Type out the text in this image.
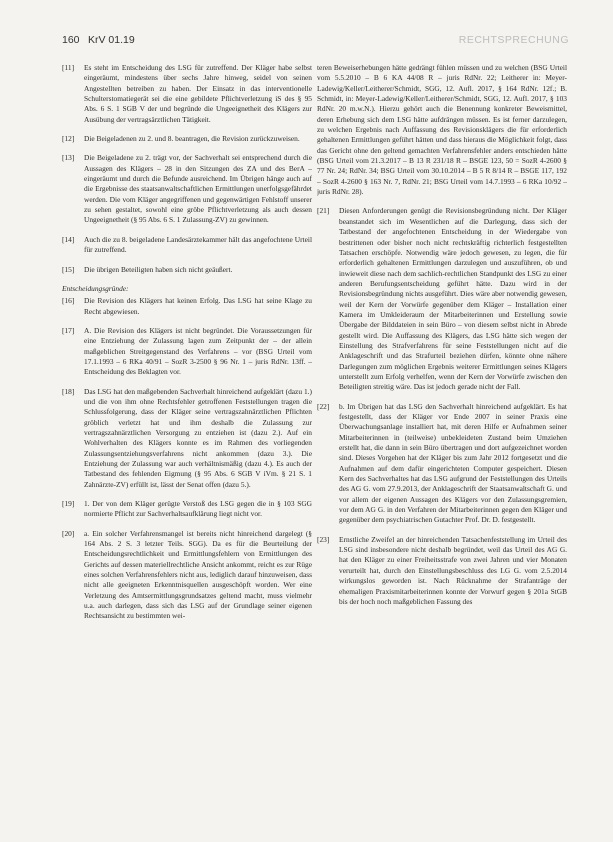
160 KrV 01.19	RECHTSPRECHUNG
[11]	Es steht im Entscheidung des LSG für zutreffend. Der Kläger habe selbst eingeräumt, mindestens über sechs Jahre hinweg, seidel von seinen Angestellten betreiben zu haben. Der Einsatz in das interventionelle Schulterstomatiegerät sei die eine gebildete Pflichtverletzung iS des § 95 Abs. 6 S. 1 SGB V der und begründe die Ungeeignetheit des Klägers zur Ausübung der vertragsärztlichen Tätigkeit.
[12]	Die Beigeladenen zu 2. und 8. beantragen, die Revision zurückzuweisen.
[13]	Die Beigeladene zu 2. trägt vor, der Sachverhalt sei entsprechend durch die Aussagen des Klägers – 28 in den Sitzungen des ZA und des BerA – eingeräumt und durch die Befunde ausreichend. Im Übrigen hänge auch auf die Ergebnisse des staatsanwaltschaftlichen Ermittlungen unerfolgsgefährdet werden. Die vom Kläger angegriffenen und gegenwärtigen Fehlstoff unserer zu sehen gestaltet, sowohl eine gröbe Pflichtverletzung als auch dessen Ungeeignetheit (§ 95 Abs. 6 S. 1 Zulassung-ZV) zu gewinnen.
[14]	Auch die zu 8. beigeladene Landesärztekammer hält das angefochtene Urteil für zutreffend.
[15]	Die übrigen Beteiligten haben sich nicht geäußert.
Entscheidungsgründe:
[16]	Die Revision des Klägers hat keinen Erfolg. Das LSG hat seine Klage zu Recht abgewiesen.
[17]	A. Die Revision des Klägers ist nicht begründet. Die Voraussetzungen für eine Entziehung der Zulassung lagen zum Zeitpunkt der – der allein maßgeblichen Streitgegenstand des Verfahrens – vor (BSG Urteil vom 17.1.1993 – 6 RKa 40/91 – SozR 3-2500 § 96 Nr. 1 – juris RdNr. 13ff. – Entscheidung des Beklagten vor.
[18]	Das LSG hat den maßgebenden Sachverhalt hinreichend aufgeklärt (dazu 1.) und die von ihm ohne Rechtsfehler getroffenen Feststellungen tragen die Schlussfolgerung, dass der Kläger seine vertragszahnärztlichen Pflichten gröblich verletzt hat und ihm deshalb die Zulassung zur vertragszahnärztlichen Versorgung zu entziehen ist (dazu 2.). Auf ein Wohlverhalten des Klägers konnte es im Rahmen des vorliegenden Zulassungsentziehungsverfahrens nicht ankommen (dazu 3.). Die Entziehung der Zulassung war auch verhältnismäßig (dazu 4.). Es auch der Tatbestand des fehlenden Eigmung (§ 95 Abs. 6 SGB V iVm. § 21 S. 1 Zahnärzte-ZV) erfüllt ist, lässt der Senat offen (dazu 5.).
[19]	1. Der von dem Kläger gerügte Verstoß des LSG gegen die in § 103 SGG normierte Pflicht zur Sachverhaltsaufklärung liegt nicht vor.
[20]	a. Ein solcher Verfahrensmangel ist bereits nicht hinreichend dargelegt (§ 164 Abs. 2 S. 3 letzter Teils. SGG). Da es für die Beurteilung der Entscheidungsrechtlichkeit und Ermittlungsfehlern von Ermittlungen des Gerichts auf dessen materiellrechtliche Ansicht ankommt, reicht es zur Rüge eines solchen Verfahrensfehlers nicht aus, lediglich darauf hinzuweisen, dass nicht alle geeigneten Erkenntnisquellen ausgeschöpft worden. Wer eine Verletzung des Amtsermittlungsgrundsatzes geltend macht, muss vielmehr u.a. auch darlegen, dass sich das LSG auf der Grundlage seiner eigenen Rechtsansicht zu bestimmten wei-
teren Beweiserhebungen hätte gedrängt fühlen müssen und zu welchen (BSG Urteil vom 5.5.2010 – B 6 KA 44/08 R – juris RdNr. 22; Leitherer in: Meyer-Ladewig/Keller/Leitherer/Schmidt, SGG, 12. Aufl. 2017, § 164 RdNr. 12f.; B. Schmidt, in: Meyer-Ladewig/Keller/Leitherer/Schmidt, SGG, 12. Aufl. 2017, § 103 RdNr. 20 m.w.N.). Hierzu gehört auch die Benennung konkreter Beweismittel, deren Erhebung sich dem LSG hätte aufdrängen müssen. Es ist ferner darzulegen, zu welchen Ergebnis nach Auffassung des Revisionsklägers die für erforderlich gehaltenen Ermittlungen geführt hätten und dass hieraus die Möglichkeit folgt, dass das Gericht ohne den geltend gemachten Verfahrensfehler anders entschieden hätte (BSG Urteil vom 21.3.2017 – B 13 R 231/18 R – BSGE 123, 50 = SozR 4-2600 § 77 Nr. 24; RdNr. 34; BSG Urteil vom 30.10.2014 – B 5 R 8/14 R – BSGE 117, 192 – SozR 4-2600 § 163 Nr. 7, RdNr. 21; BSG Urteil vom 14.7.1993 – 6 RKa 10/92 – juris RdNr. 28).
[21]	Diesen Anforderungen genügt die Revisionsbegründung nicht. Der Kläger beanstandet sich im Wesentlichen auf die Darlegung, dass sich der Tatbestand der angefochtenen Entscheidung in der Wiedergabe von bestrittenen oder bisher noch nicht rechtskräftig richterlich festgestellten Tatsachen erschöpfe. Notwendig wäre jedoch gewesen, zu legen, die für erforderlich gehaltenen Ermittlungen darzulegen und auszuführen, ob und inwieweit diese nach dem sachlich-rechtlichen Standpunkt des LSG zu einer anderen Berufungsentscheidung geführt hätte. Dazu wird in der Revisionsbegründung nichts ausgeführt. Dies wäre aber notwendig gewesen, weil der Kern der Vorwürfe gegenüber dem Kläger – Installation einer Kamera im Umkleideraum der Mitarbeiterinnen und Erstellung sowie Übergabe der Bilddateien in sein Büro – von diesem selbst nicht in Abrede gestellt wird. Die Auffassung des Klägers, das LSG hätte sich wegen der Einstellung des Strafverfahrens für seine Feststellungen nicht auf die Anklageschrift und das Strafurteil beziehen dürfen, könnte ohne nähere Darlegungen zum möglichen Ergebnis weiterer Ermittlungen seines Klägers unterstellt zum Erfolg verhelfen, wenn der Kern der Vorwürfe zwischen den Beteiligten streitig wäre. Das ist jedoch gerade nicht der Fall.
[22]	b. Im Übrigen hat das LSG den Sachverhalt hinreichend aufgeklärt. Es hat festgestellt, dass der Kläger vor Ende 2007 in seiner Praxis eine Überwachungsanlage installiert hat, mit deren Hilfe er Aufnahmen seiner Mitarbeiterinnen in (teilweise) unbekleideten Zustand beim Umziehen erstellt hat, die dann in sein Büro übertragen und dort aufgezeichnet worden sind. Dieses Vorgehen hat der Kläger bis zum Jahr 2012 fortgesetzt und die Aufnahmen auf dem dafür eingerichteten Computer gespeichert. Diesen Kern des Sachverhaltes hat das LSG aufgrund der Feststellungen des Urteils des AG G. vom 27.9.2013, der Anklageschrift der Staatsanwaltschaft G. und vor allem der eigenen Aussagen des Klägers vor den Zulassungsgremien, vor dem AG G. in den Verfahren der Mitarbeiterinnen gegen den Kläger und gegenüber dem psychiatrischen Gutachter Prof. Dr. D. festgestellt.
[23]	Ernstliche Zweifel an der hinreichenden Tatsachenfeststellung im Urteil des LSG sind insbesondere nicht deshalb begründet, weil das Urteil des AG G. hat den Kläger zu einer Freiheitsstrafe von zwei Jahren und vier Monaten verurteilt hat, durch den Einstellungsbeschluss des LG G. vom 2.5.2014 wirkungslos geworden ist. Nach Rücknahme der Strafanträge der ehemaligen Praxismitarbeiterinnen konnte der Vorwurf gegen § 201a StGB bis der hoch noch maßgeblichen Fassung des
